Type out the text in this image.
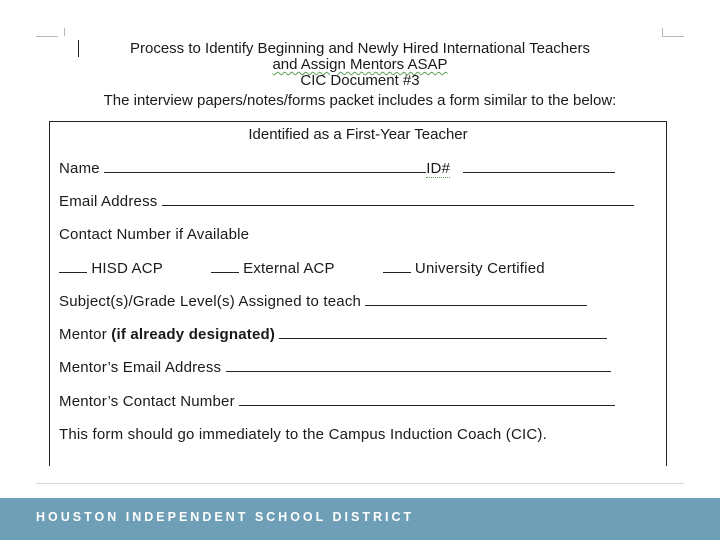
Process to Identify Beginning and Newly Hired International Teachers
and Assign Mentors ASAP
CIC Document #3
The interview papers/notes/forms packet includes a form similar to the below:
Identified as a First-Year Teacher
Name	ID#
Email Address
Contact Number if Available
HISD ACP	External ACP	University Certified
Subject(s)/Grade Level(s) Assigned to teach
Mentor (if already designated)
Mentor’s Email Address
Mentor’s Contact Number
This form should go immediately to the Campus Induction Coach (CIC).
HOUSTON INDEPENDENT SCHOOL DISTRICT
